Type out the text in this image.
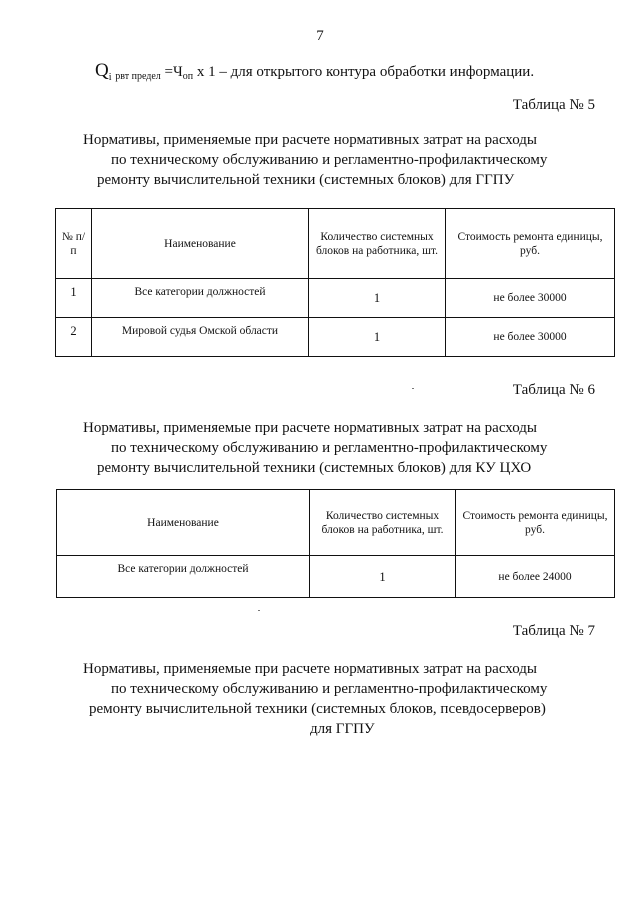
7
$Q_i$ $_{рвт предел} =Ч_{оп}$ x 1 – для открытого контура обработки информации.
Таблица № 5
Нормативы, применяемые при расчете нормативных затрат на расходы
по техническому обслуживанию и регламентно-профилактическому
ремонту вычислительной техники (системных блоков) для ГГПУ
№ п/п	Наименование	Количество системных блоков на работника, шт.	Стоимость ремонта единицы, руб.
1	Все категории должностей	1	не более 30000
2	Мировой судья Омской области	1	не более 30000
Таблица № 6
Нормативы, применяемые при расчете нормативных затрат на расходы
по техническому обслуживанию и регламентно-профилактическому
ремонту вычислительной техники (системных блоков) для КУ ЦХО
Наименование	Количество системных блоков на работника, шт.	Стоимость ремонта единицы, руб.
Все категории должностей	1	не более 24000
Таблица № 7
Нормативы, применяемые при расчете нормативных затрат на расходы
по техническому обслуживанию и регламентно-профилактическому
ремонту вычислительной техники (системных блоков, псевдосерверов)
для ГГПУ
